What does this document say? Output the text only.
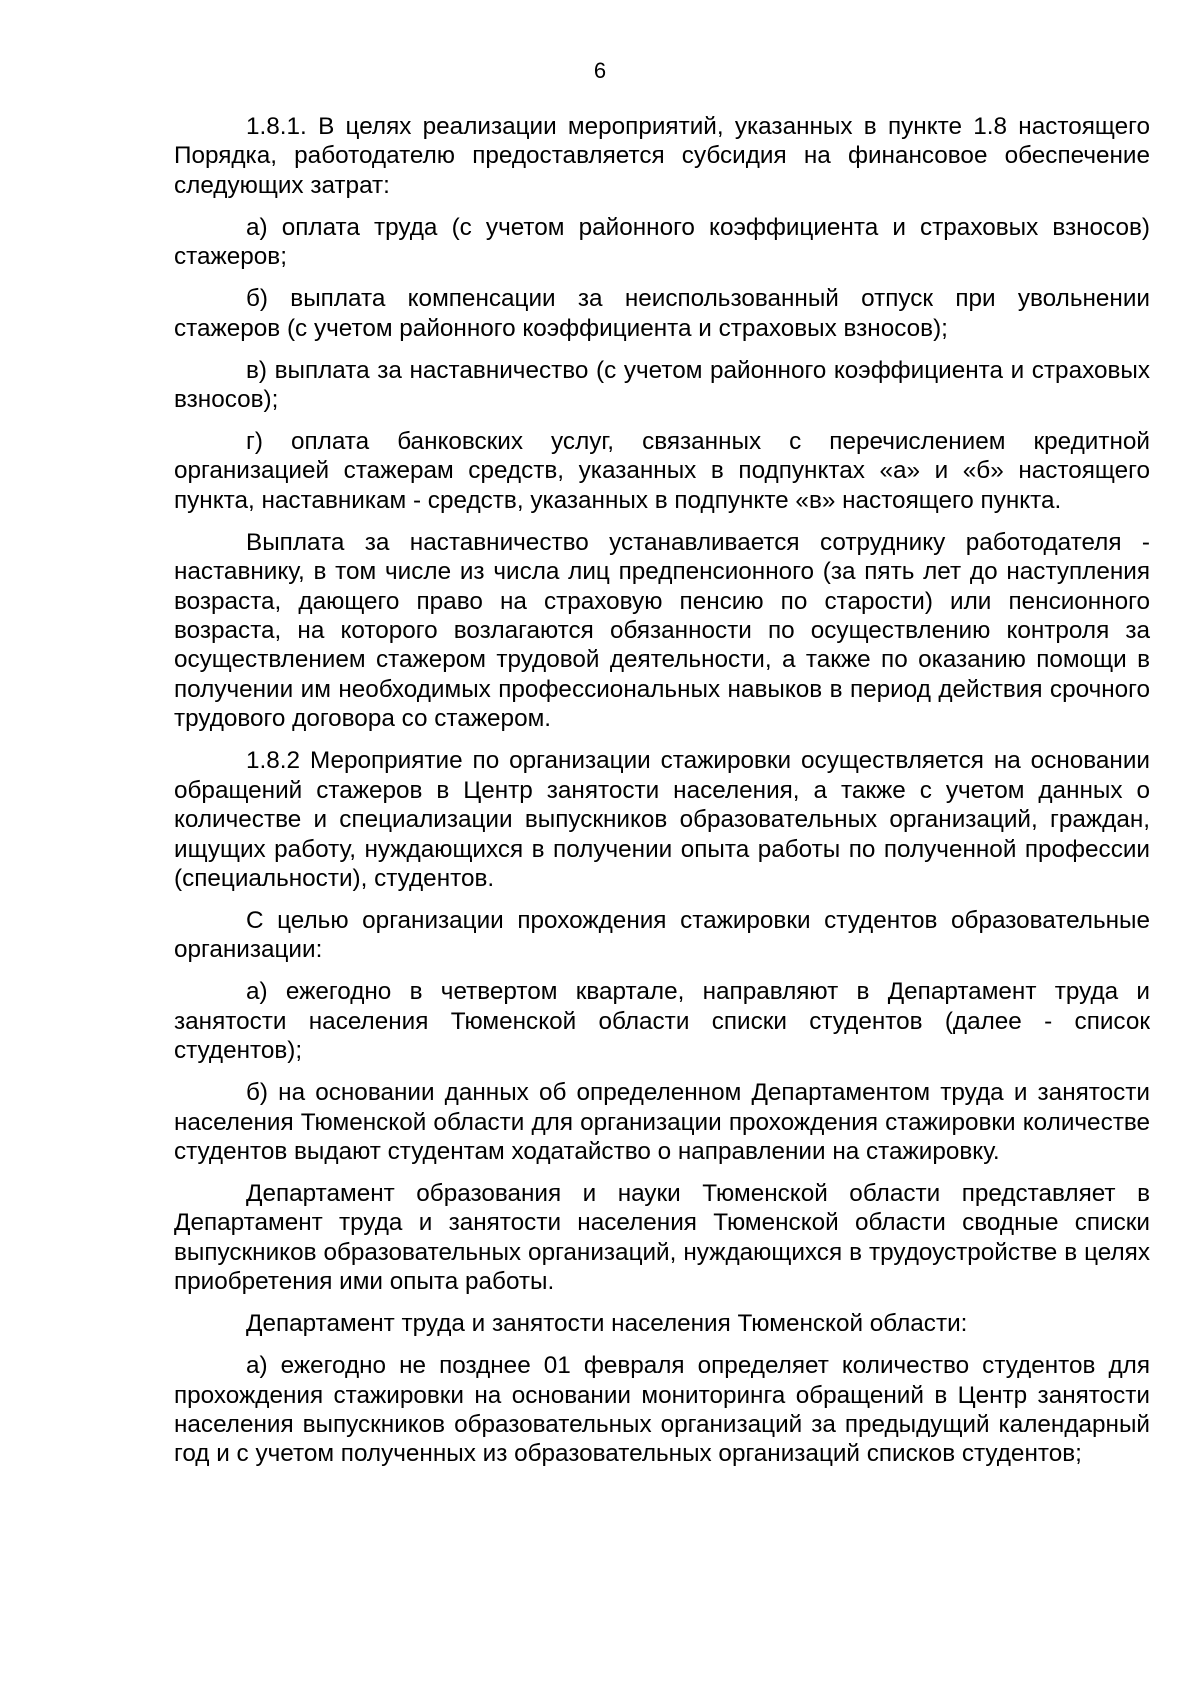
6

1.8.1. В целях реализации мероприятий, указанных в пункте 1.8 настоящего Порядка, работодателю предоставляется субсидия на финансовое обеспечение следующих затрат:

а) оплата труда (с учетом районного коэффициента и страховых взносов) стажеров;

б) выплата компенсации за неиспользованный отпуск при увольнении стажеров (с учетом районного коэффициента и страховых взносов);

в) выплата за наставничество (с учетом районного коэффициента и страховых взносов);

г) оплата банковских услуг, связанных с перечислением кредитной организацией стажерам средств, указанных в подпунктах «а» и «б» настоящего пункта, наставникам - средств, указанных в подпункте «в» настоящего пункта.

Выплата за наставничество устанавливается сотруднику работодателя - наставнику, в том числе из числа лиц предпенсионного (за пять лет до наступления возраста, дающего право на страховую пенсию по старости) или пенсионного возраста, на которого возлагаются обязанности по осуществлению контроля за осуществлением стажером трудовой деятельности, а также по оказанию помощи в получении им необходимых профессиональных навыков в период действия срочного трудового договора со стажером.

1.8.2 Мероприятие по организации стажировки осуществляется на основании обращений стажеров в Центр занятости населения, а также с учетом данных о количестве и специализации выпускников образовательных организаций, граждан, ищущих работу, нуждающихся в получении опыта работы по полученной профессии (специальности), студентов.

С целью организации прохождения стажировки студентов образовательные организации:

а) ежегодно в четвертом квартале, направляют в Департамент труда и занятости населения Тюменской области списки студентов (далее - список студентов);

б) на основании данных об определенном Департаментом труда и занятости населения Тюменской области для организации прохождения стажировки количестве студентов выдают студентам ходатайство о направлении на стажировку.

Департамент образования и науки Тюменской области представляет в Департамент труда и занятости населения Тюменской области сводные списки выпускников образовательных организаций, нуждающихся в трудоустройстве в целях приобретения ими опыта работы.

Департамент труда и занятости населения Тюменской области:

а) ежегодно не позднее 01 февраля определяет количество студентов для прохождения стажировки на основании мониторинга обращений в Центр занятости населения выпускников образовательных организаций за предыдущий календарный год и с учетом полученных из образовательных организаций списков студентов;
